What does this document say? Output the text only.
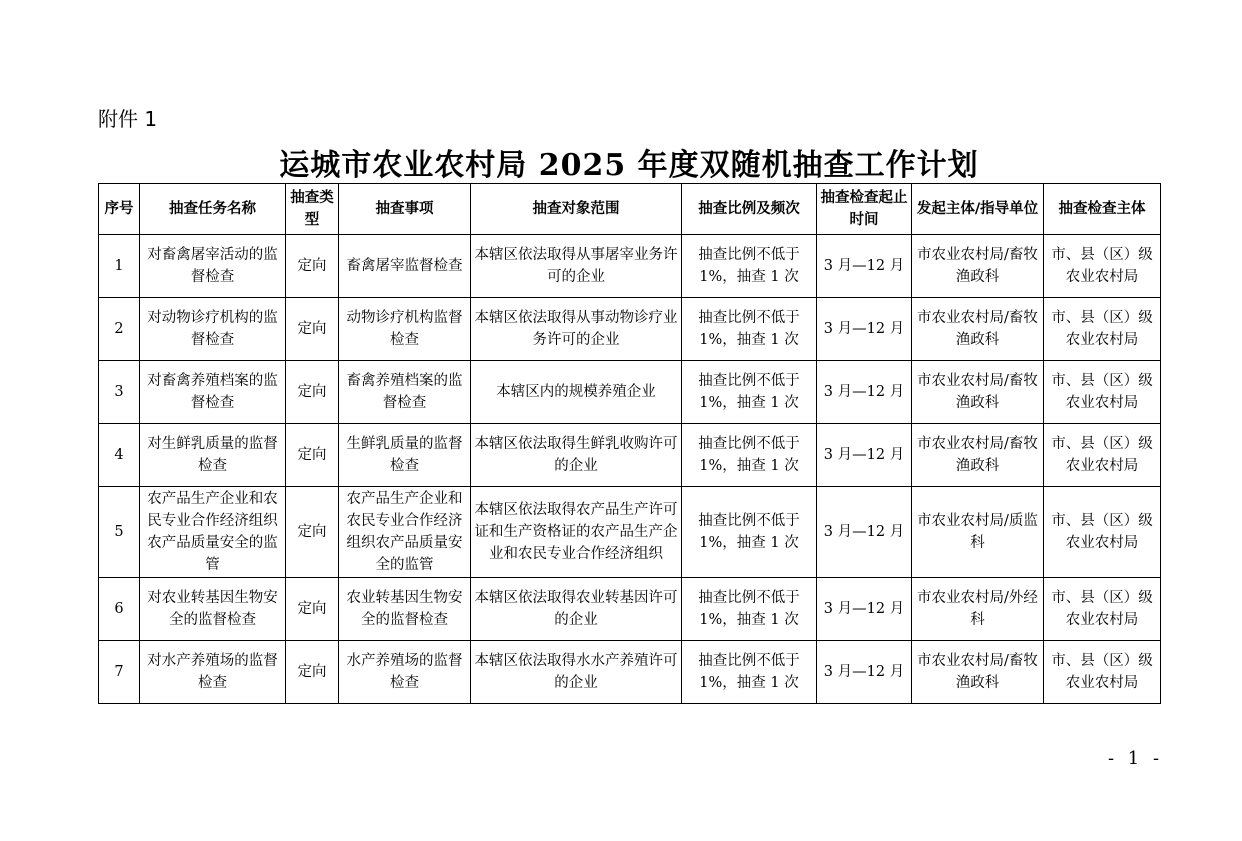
附件 1
运城市农业农村局 2025 年度双随机抽查工作计划
序号	抽查任务名称	抽查类型	抽查事项	抽查对象范围	抽查比例及频次	抽查检查起止时间	发起主体/指导单位	抽查检查主体
1	对畜禽屠宰活动的监督检查	定向	畜禽屠宰监督检查	本辖区依法取得从事屠宰业务许可的企业	抽查比例不低于1%，抽查 1 次	3 月—12 月	市农业农村局/畜牧渔政科	市、县（区）级农业农村局
2	对动物诊疗机构的监督检查	定向	动物诊疗机构监督检查	本辖区依法取得从事动物诊疗业务许可的企业	抽查比例不低于1%，抽查 1 次	3 月—12 月	市农业农村局/畜牧渔政科	市、县（区）级农业农村局
3	对畜禽养殖档案的监督检查	定向	畜禽养殖档案的监督检查	本辖区内的规模养殖企业	抽查比例不低于1%，抽查 1 次	3 月—12 月	市农业农村局/畜牧渔政科	市、县（区）级农业农村局
4	对生鲜乳质量的监督检查	定向	生鲜乳质量的监督检查	本辖区依法取得生鲜乳收购许可的企业	抽查比例不低于1%，抽查 1 次	3 月—12 月	市农业农村局/畜牧渔政科	市、县（区）级农业农村局
5	农产品生产企业和农民专业合作经济组织农产品质量安全的监管	定向	农产品生产企业和农民专业合作经济组织农产品质量安全的监管	本辖区依法取得农产品生产许可证和生产资格证的农产品生产企业和农民专业合作经济组织	抽查比例不低于1%，抽查 1 次	3 月—12 月	市农业农村局/质监科	市、县（区）级农业农村局
6	对农业转基因生物安全的监督检查	定向	农业转基因生物安全的监督检查	本辖区依法取得农业转基因许可的企业	抽查比例不低于1%，抽查 1 次	3 月—12 月	市农业农村局/外经科	市、县（区）级农业农村局
7	对水产养殖场的监督检查	定向	水产养殖场的监督检查	本辖区依法取得水水产养殖许可的企业	抽查比例不低于1%，抽查 1 次	3 月—12 月	市农业农村局/畜牧渔政科	市、县（区）级农业农村局
- 1 -
